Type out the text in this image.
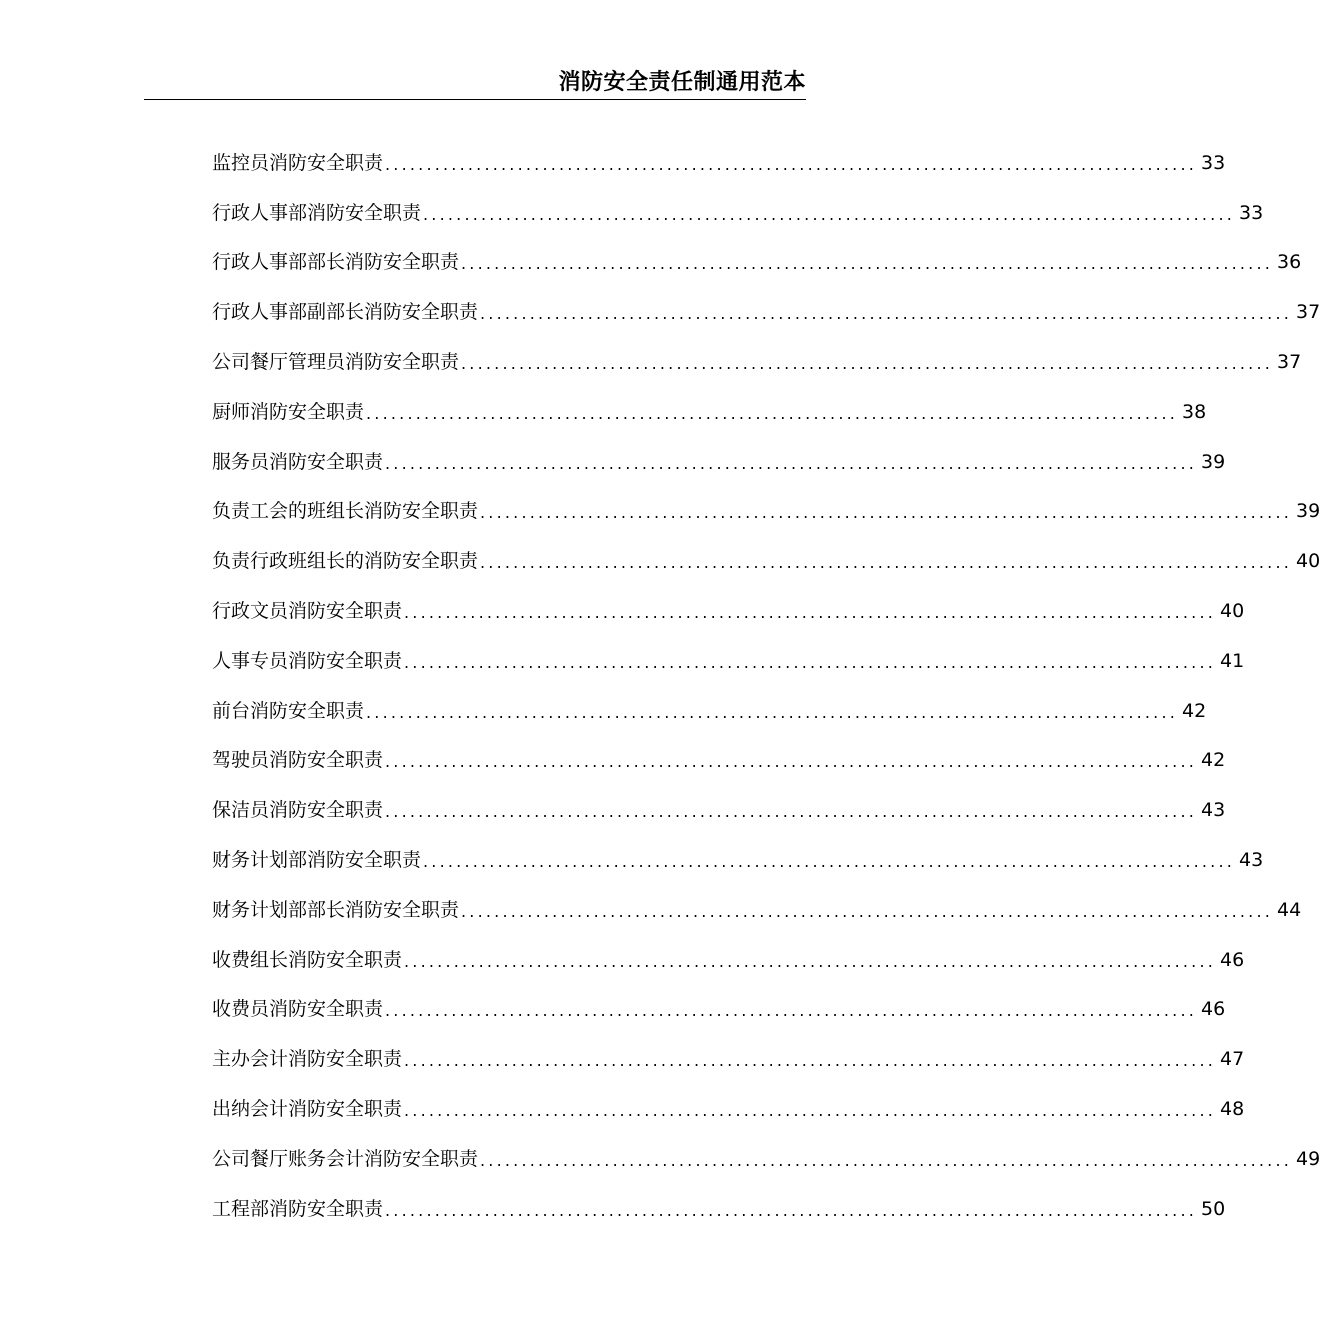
消防安全责任制通用范本
监控员消防安全职责 .................................................................................................. 33
行政人事部消防安全职责 .................................................................................................. 33
行政人事部部长消防安全职责 .................................................................................................. 36
行政人事部副部长消防安全职责 .................................................................................................. 37
公司餐厅管理员消防安全职责 .................................................................................................. 37
厨师消防安全职责 .................................................................................................. 38
服务员消防安全职责 .................................................................................................. 39
负责工会的班组长消防安全职责 .................................................................................................. 39
负责行政班组长的消防安全职责 .................................................................................................. 40
行政文员消防安全职责 .................................................................................................. 40
人事专员消防安全职责 .................................................................................................. 41
前台消防安全职责 .................................................................................................. 42
驾驶员消防安全职责 .................................................................................................. 42
保洁员消防安全职责 .................................................................................................. 43
财务计划部消防安全职责 .................................................................................................. 43
财务计划部部长消防安全职责 .................................................................................................. 44
收费组长消防安全职责 .................................................................................................. 46
收费员消防安全职责 .................................................................................................. 46
主办会计消防安全职责 .................................................................................................. 47
出纳会计消防安全职责 .................................................................................................. 48
公司餐厅账务会计消防安全职责 .................................................................................................. 49
工程部消防安全职责 .................................................................................................. 50
